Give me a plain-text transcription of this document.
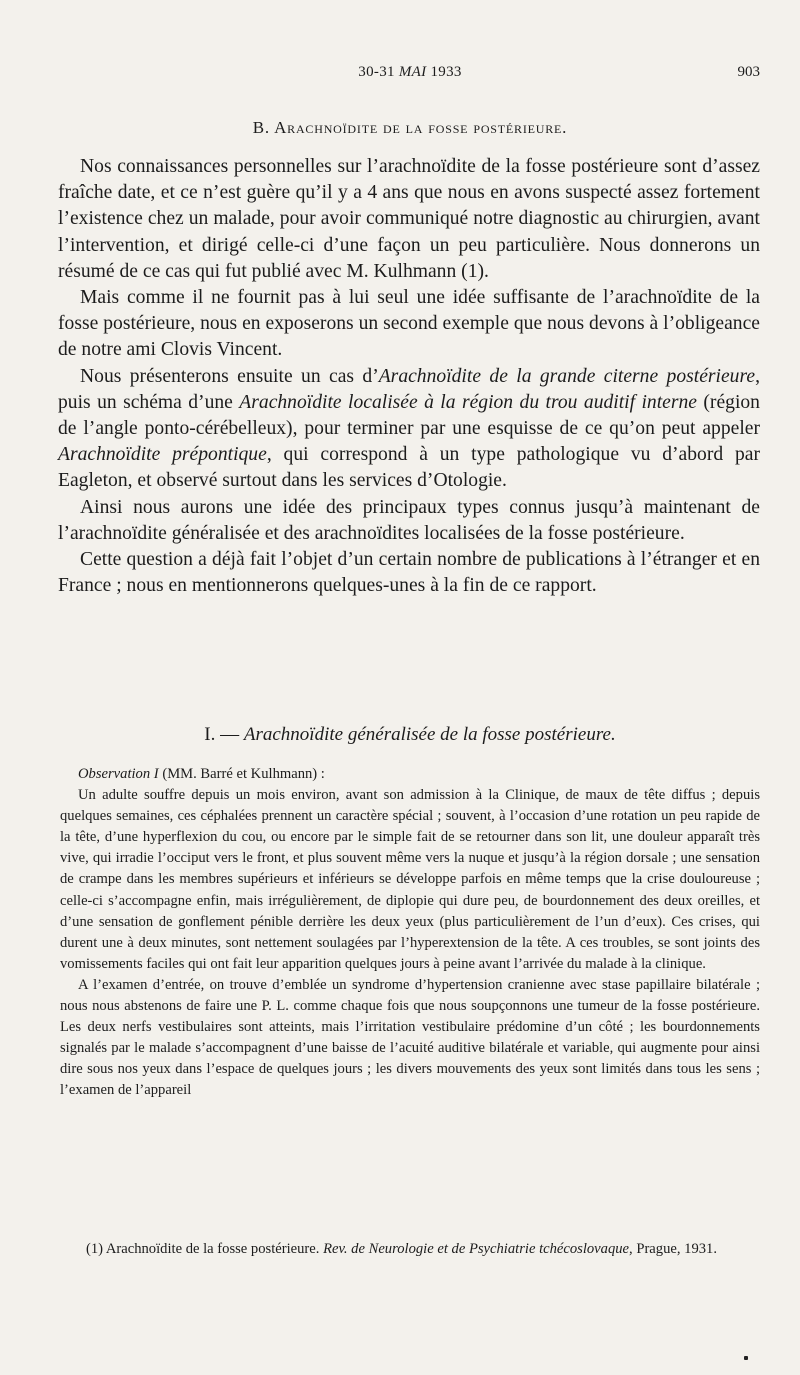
30-31 MAI 1933	903
B. Arachnoïdite de la fosse postérieure.

Nos connaissances personnelles sur l’arachnoïdite de la fosse postérieure sont d’assez fraîche date, et ce n’est guère qu’il y a 4 ans que nous en avons suspecté assez fortement l’existence chez un malade, pour avoir communiqué notre diagnostic au chirurgien, avant l’intervention, et dirigé celle-ci d’une façon un peu particulière. Nous donnerons un résumé de ce cas qui fut publié avec M. Kulhmann (1).

Mais comme il ne fournit pas à lui seul une idée suffisante de l’arachnoïdite de la fosse postérieure, nous en exposerons un second exemple que nous devons à l’obligeance de notre ami Clovis Vincent.

Nous présenterons ensuite un cas d’Arachnoïdite de la grande citerne postérieure, puis un schéma d’une Arachnoïdite localisée à la région du trou auditif interne (région de l’angle ponto-cérébelleux), pour terminer par une esquisse de ce qu’on peut appeler Arachnoïdite prépontique, qui correspond à un type pathologique vu d’abord par Eagleton, et observé surtout dans les services d’Otologie.

Ainsi nous aurons une idée des principaux types connus jusqu’à maintenant de l’arachnoïdite généralisée et des arachnoïdites localisées de la fosse postérieure.

Cette question a déjà fait l’objet d’un certain nombre de publications à l’étranger et en France ; nous en mentionnerons quelques-unes à la fin de ce rapport.

I. — Arachnoïdite généralisée de la fosse postérieure.

Observation I (MM. Barré et Kulhmann) :

Un adulte souffre depuis un mois environ, avant son admission à la Clinique, de maux de tête diffus ; depuis quelques semaines, ces céphalées prennent un caractère spécial ; souvent, à l’occasion d’une rotation un peu rapide de la tête, d’une hyperflexion du cou, ou encore par le simple fait de se retourner dans son lit, une douleur apparaît très vive, qui irradie l’occiput vers le front, et plus souvent même vers la nuque et jusqu’à la région dorsale ; une sensation de crampe dans les membres supérieurs et inférieurs se développe parfois en même temps que la crise douloureuse ; celle-ci s’accompagne enfin, mais irrégulièrement, de diplopie qui dure peu, de bourdonnement des deux oreilles, et d’une sensation de gonflement pénible derrière les deux yeux (plus particulièrement de l’un d’eux). Ces crises, qui durent une à deux minutes, sont nettement soulagées par l’hyperextension de la tête. A ces troubles, se sont joints des vomissements faciles qui ont fait leur apparition quelques jours à peine avant l’arrivée du malade à la clinique.

A l’examen d’entrée, on trouve d’emblée un syndrome d’hypertension cranienne avec stase papillaire bilatérale ; nous nous abstenons de faire une P. L. comme chaque fois que nous soupçonnons une tumeur de la fosse postérieure. Les deux nerfs vestibulaires sont atteints, mais l’irritation vestibulaire prédomine d’un côté ; les bourdonnements signalés par le malade s’accompagnent d’une baisse de l’acuité auditive bilatérale et variable, qui augmente pour ainsi dire sous nos yeux dans l’espace de quelques jours ; les divers mouvements des yeux sont limités dans tous les sens ; l’examen de l’appareil

(1) Arachnoïdite de la fosse postérieure. Rev. de Neurologie et de Psychiatrie tchécoslovaque, Prague, 1931.
